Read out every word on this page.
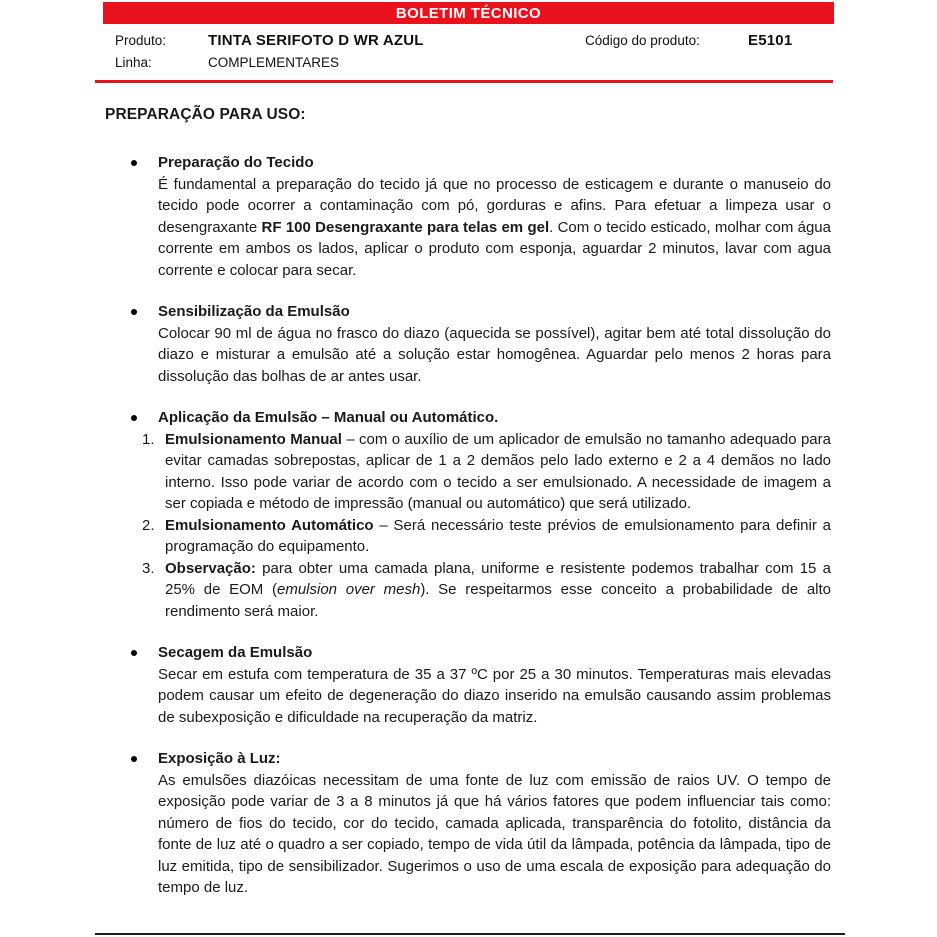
BOLETIM TÉCNICO
Produto:	TINTA SERIFOTO D WR AZUL	Código do produto:	E5101
Linha:	COMPLEMENTARES

PREPARAÇÃO PARA USO:

Preparação do Tecido

É fundamental a preparação do tecido já que no processo de esticagem e durante o manuseio do tecido pode ocorrer a contaminação com pó, gorduras e afins. Para efetuar a limpeza usar o desengraxante RF 100 Desengraxante para telas em gel. Com o tecido esticado, molhar com água corrente em ambos os lados, aplicar o produto com esponja, aguardar 2 minutos, lavar com agua corrente e colocar para secar.

Sensibilização da Emulsão

Colocar 90 ml de água no frasco do diazo (aquecida se possível), agitar bem até total dissolução do diazo e misturar a emulsão até a solução estar homogênea. Aguardar pelo menos 2 horas para dissolução das bolhas de ar antes usar.

Aplicação da Emulsão – Manual ou Automático.

1. Emulsionamento Manual – com o auxílio de um aplicador de emulsão no tamanho adequado para evitar camadas sobrepostas, aplicar de 1 a 2 demãos pelo lado externo e 2 a 4 demãos no lado interno. Isso pode variar de acordo com o tecido a ser emulsionado. A necessidade de imagem a ser copiada e método de impressão (manual ou automático) que será utilizado.

2. Emulsionamento Automático – Será necessário teste prévios de emulsionamento para definir a programação do equipamento.

3. Observação: para obter uma camada plana, uniforme e resistente podemos trabalhar com 15 a 25% de EOM (emulsion over mesh). Se respeitarmos esse conceito a probabilidade de alto rendimento será maior.

Secagem da Emulsão

Secar em estufa com temperatura de 35 a 37 ºC por 25 a 30 minutos. Temperaturas mais elevadas podem causar um efeito de degeneração do diazo inserido na emulsão causando assim problemas de subexposição e dificuldade na recuperação da matriz.

Exposição à Luz:

As emulsões diazóicas necessitam de uma fonte de luz com emissão de raios UV. O tempo de exposição pode variar de 3 a 8 minutos já que há vários fatores que podem influenciar tais como: número de fios do tecido, cor do tecido, camada aplicada, transparência do fotolito, distância da fonte de luz até o quadro a ser copiado, tempo de vida útil da lâmpada, potência da lâmpada, tipo de luz emitida, tipo de sensibilizador. Sugerimos o uso de uma escala de exposição para adequação do tempo de luz.
